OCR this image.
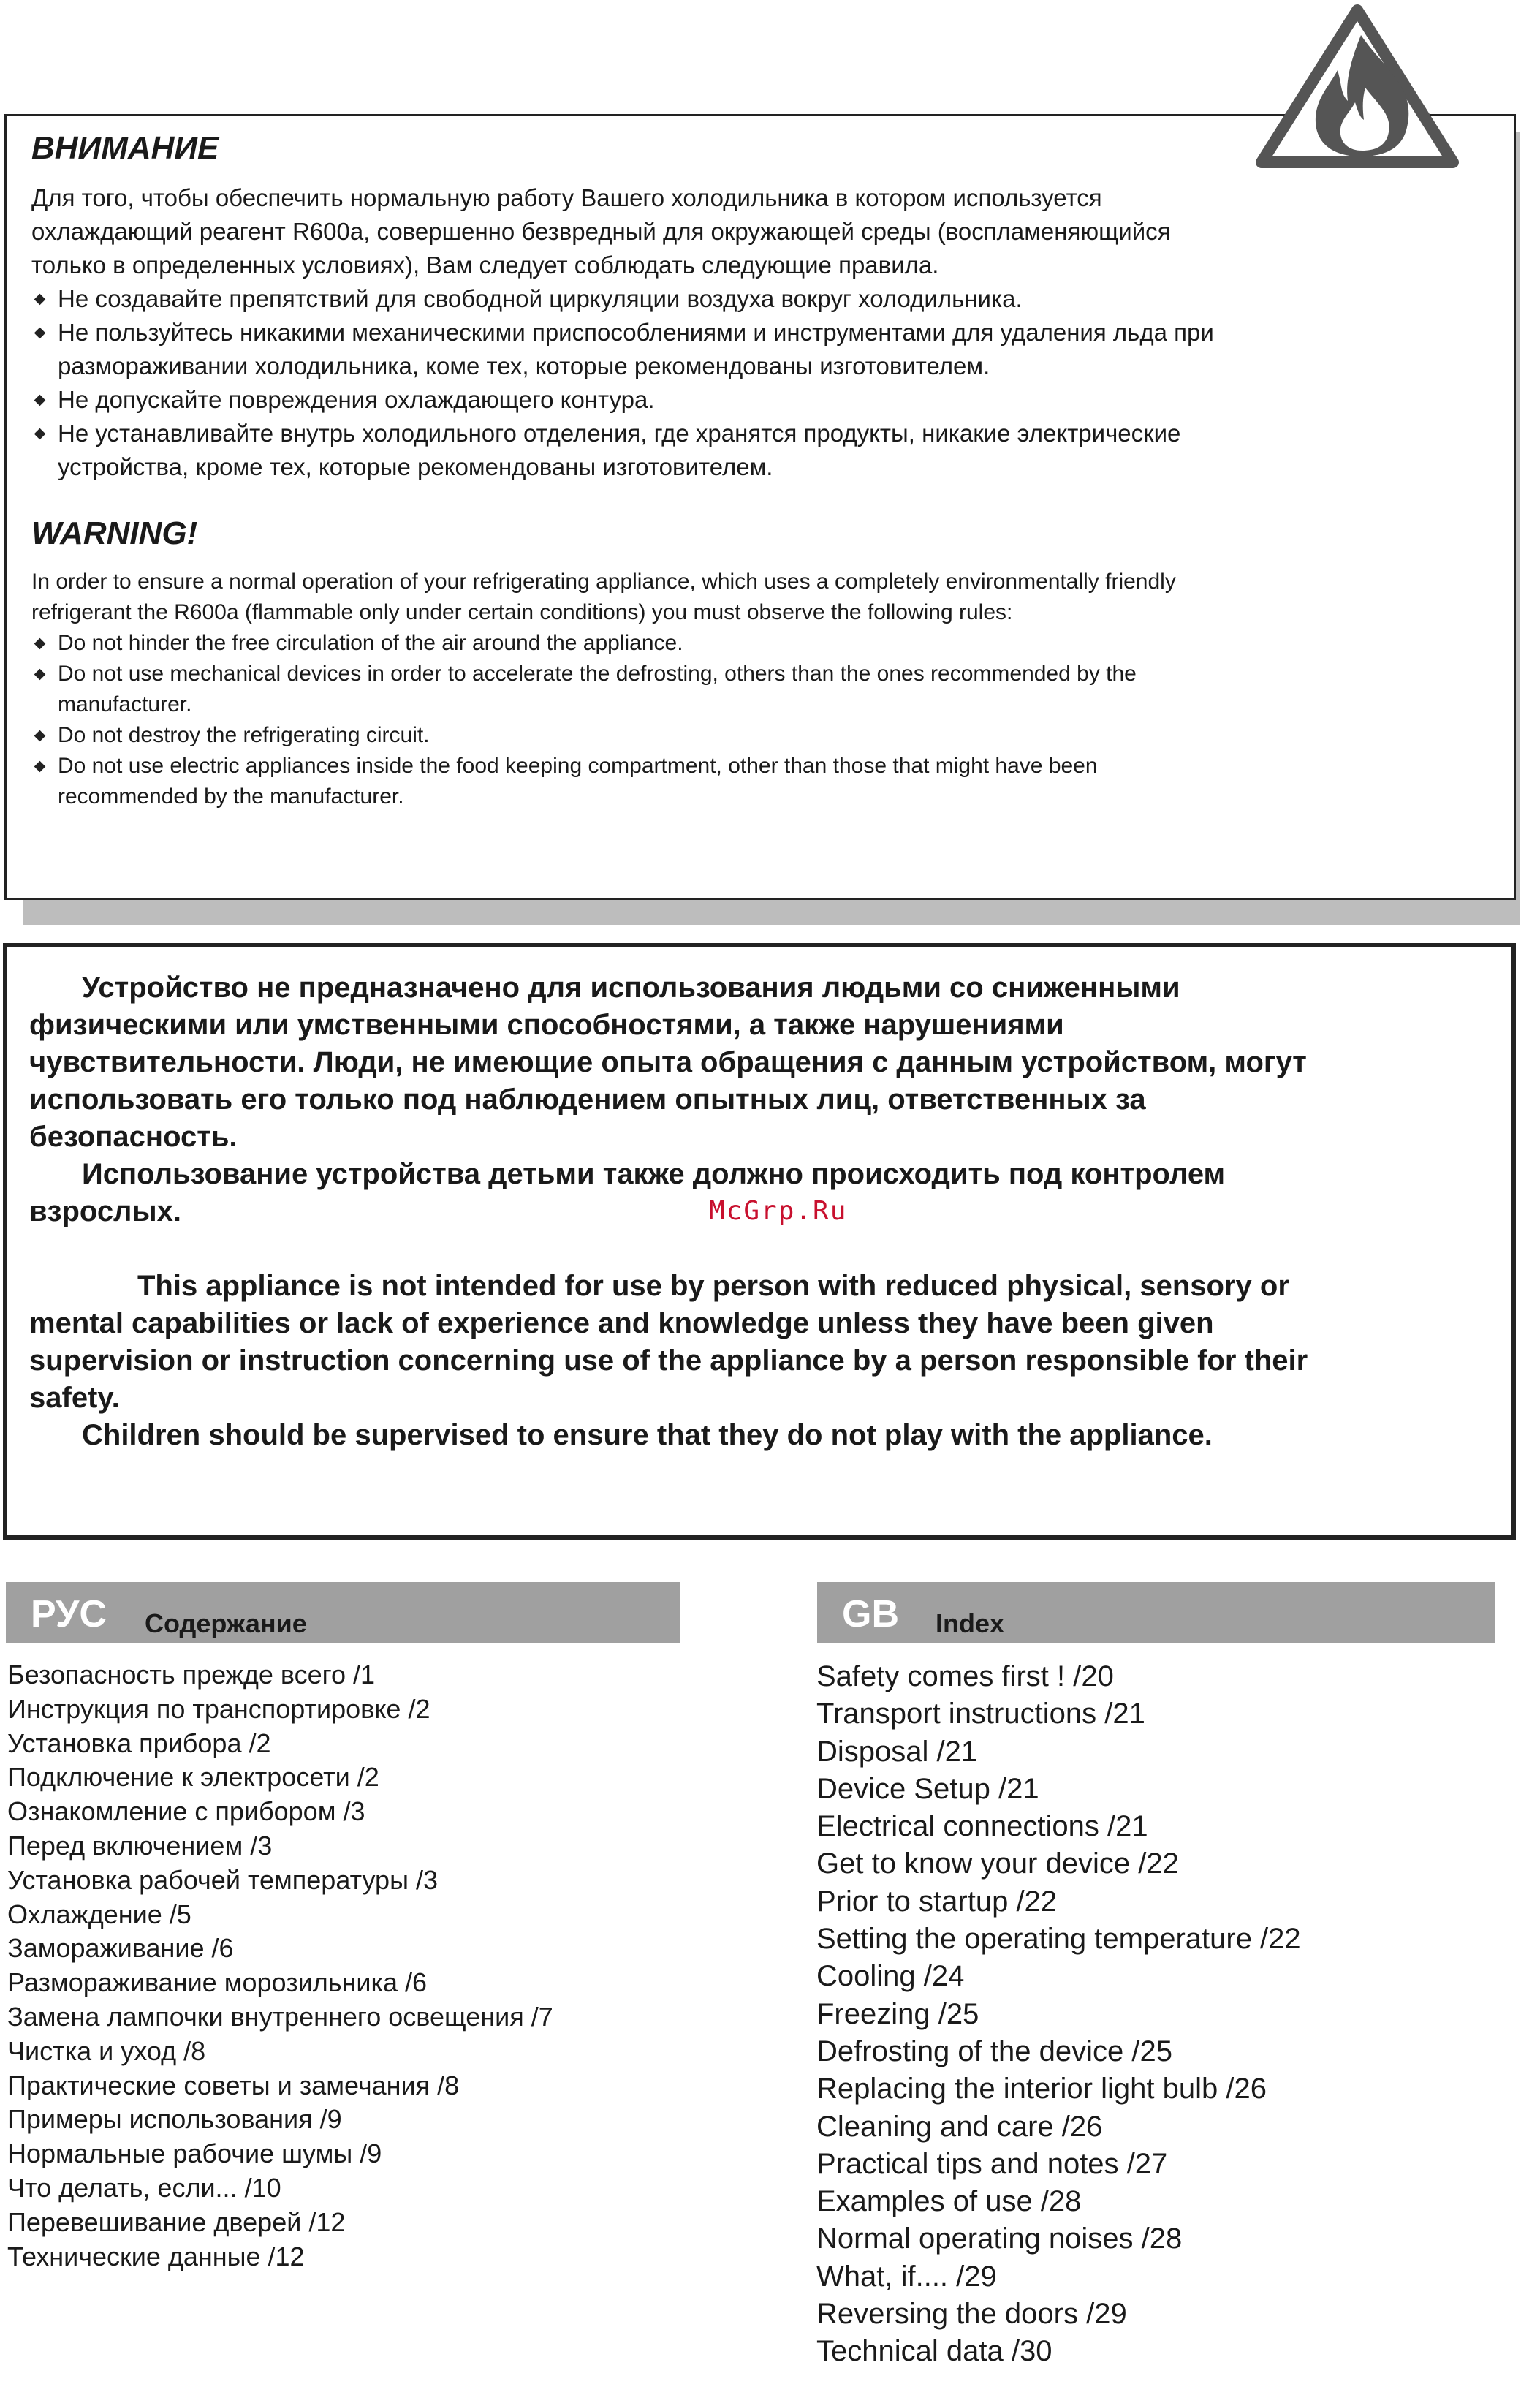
ВНИМАНИЕ

Для того, чтобы обеспечить нормальную работу Вашего холодильника в котором используется
охлаждающий реагент R600a, совершенно безвредный для окружающей среды (воспламеняющийся
только в определенных условиях), Вам следует соблюдать следующие правила.

Не создавайте препятствий для свободной циркуляции воздуха вокруг холодильника.

Не пользуйтесь никакими механическими приспособлениями и инструментами для удаления льда при
разморaживании холодильника, коме тех, которые рекомендованы изготовителем.

Не допускайте повреждения охлаждающего контура.

Не устанавливайте внутрь холодильного отделения, где хранятся продукты, никакие электрические
устройства, кроме тех, которые рекомендованы изготовителем.

WARNING!

In order to ensure a normal operation of your refrigerating appliance, which uses a completely environmentally friendly
refrigerant the R600a (flammable only under certain conditions) you must observe the following rules:

Do not hinder the free circulation of the air around the appliance.

Do not use mechanical devices in order to accelerate the defrosting, others than the ones recommended by the
manufacturer.

Do not destroy the refrigerating circuit.

Do not use electric appliances inside the food keeping compartment, other than those that might have been
recommended by the manufacturer.

Устройство не предназначено для использования людьми со сниженными
физическими или умственными способностями, а также нарушениями
чувствительности. Люди, не имеющие опыта обращения с данным устройством, могут
использовать его только под наблюдением опытных лиц, ответственных за
безопасность.

Использование устройства детьми также должно происходить под контролем
взрослых.

This appliance is not intended for use by person with reduced physical, sensory or
mental capabilities or lack of experience and knowledge unless they have been given
supervision or instruction concerning use of the appliance by a person responsible for their
safety.

Children should be supervised to ensure that they do not play with the appliance.

McGrp.Ru
РУС Содержание	GB Index
Безопасность прежде всего /1
Инструкция по транспортировке /2
Установка прибора /2
Подключение к электросети /2
Ознакомление с прибором /3
Перед включением /3
Установка рабочей температуры /3
Охлаждение /5
Замораживание /6
Размораживание морозильника /6
Замена лампочки внутреннего освещения /7
Чистка и уход /8
Практические советы и замечания /8
Примеры использования /9
Нормальные рабочие шумы /9
Что делать, если... /10
Перевешивание дверей /12
Технические данные /12
Safety comes first ! /20
Transport instructions /21
Disposal /21
Device Setup /21
Electrical connections /21
Get to know your device /22
Prior to startup /22
Setting the operating temperature /22
Cooling /24
Freezing /25
Defrosting of the device /25
Replacing the interior light bulb /26
Cleaning and care /26
Practical tips and notes /27
Examples of use /28
Normal operating noises /28
What, if.... /29
Reversing the doors /29
Technical data /30
